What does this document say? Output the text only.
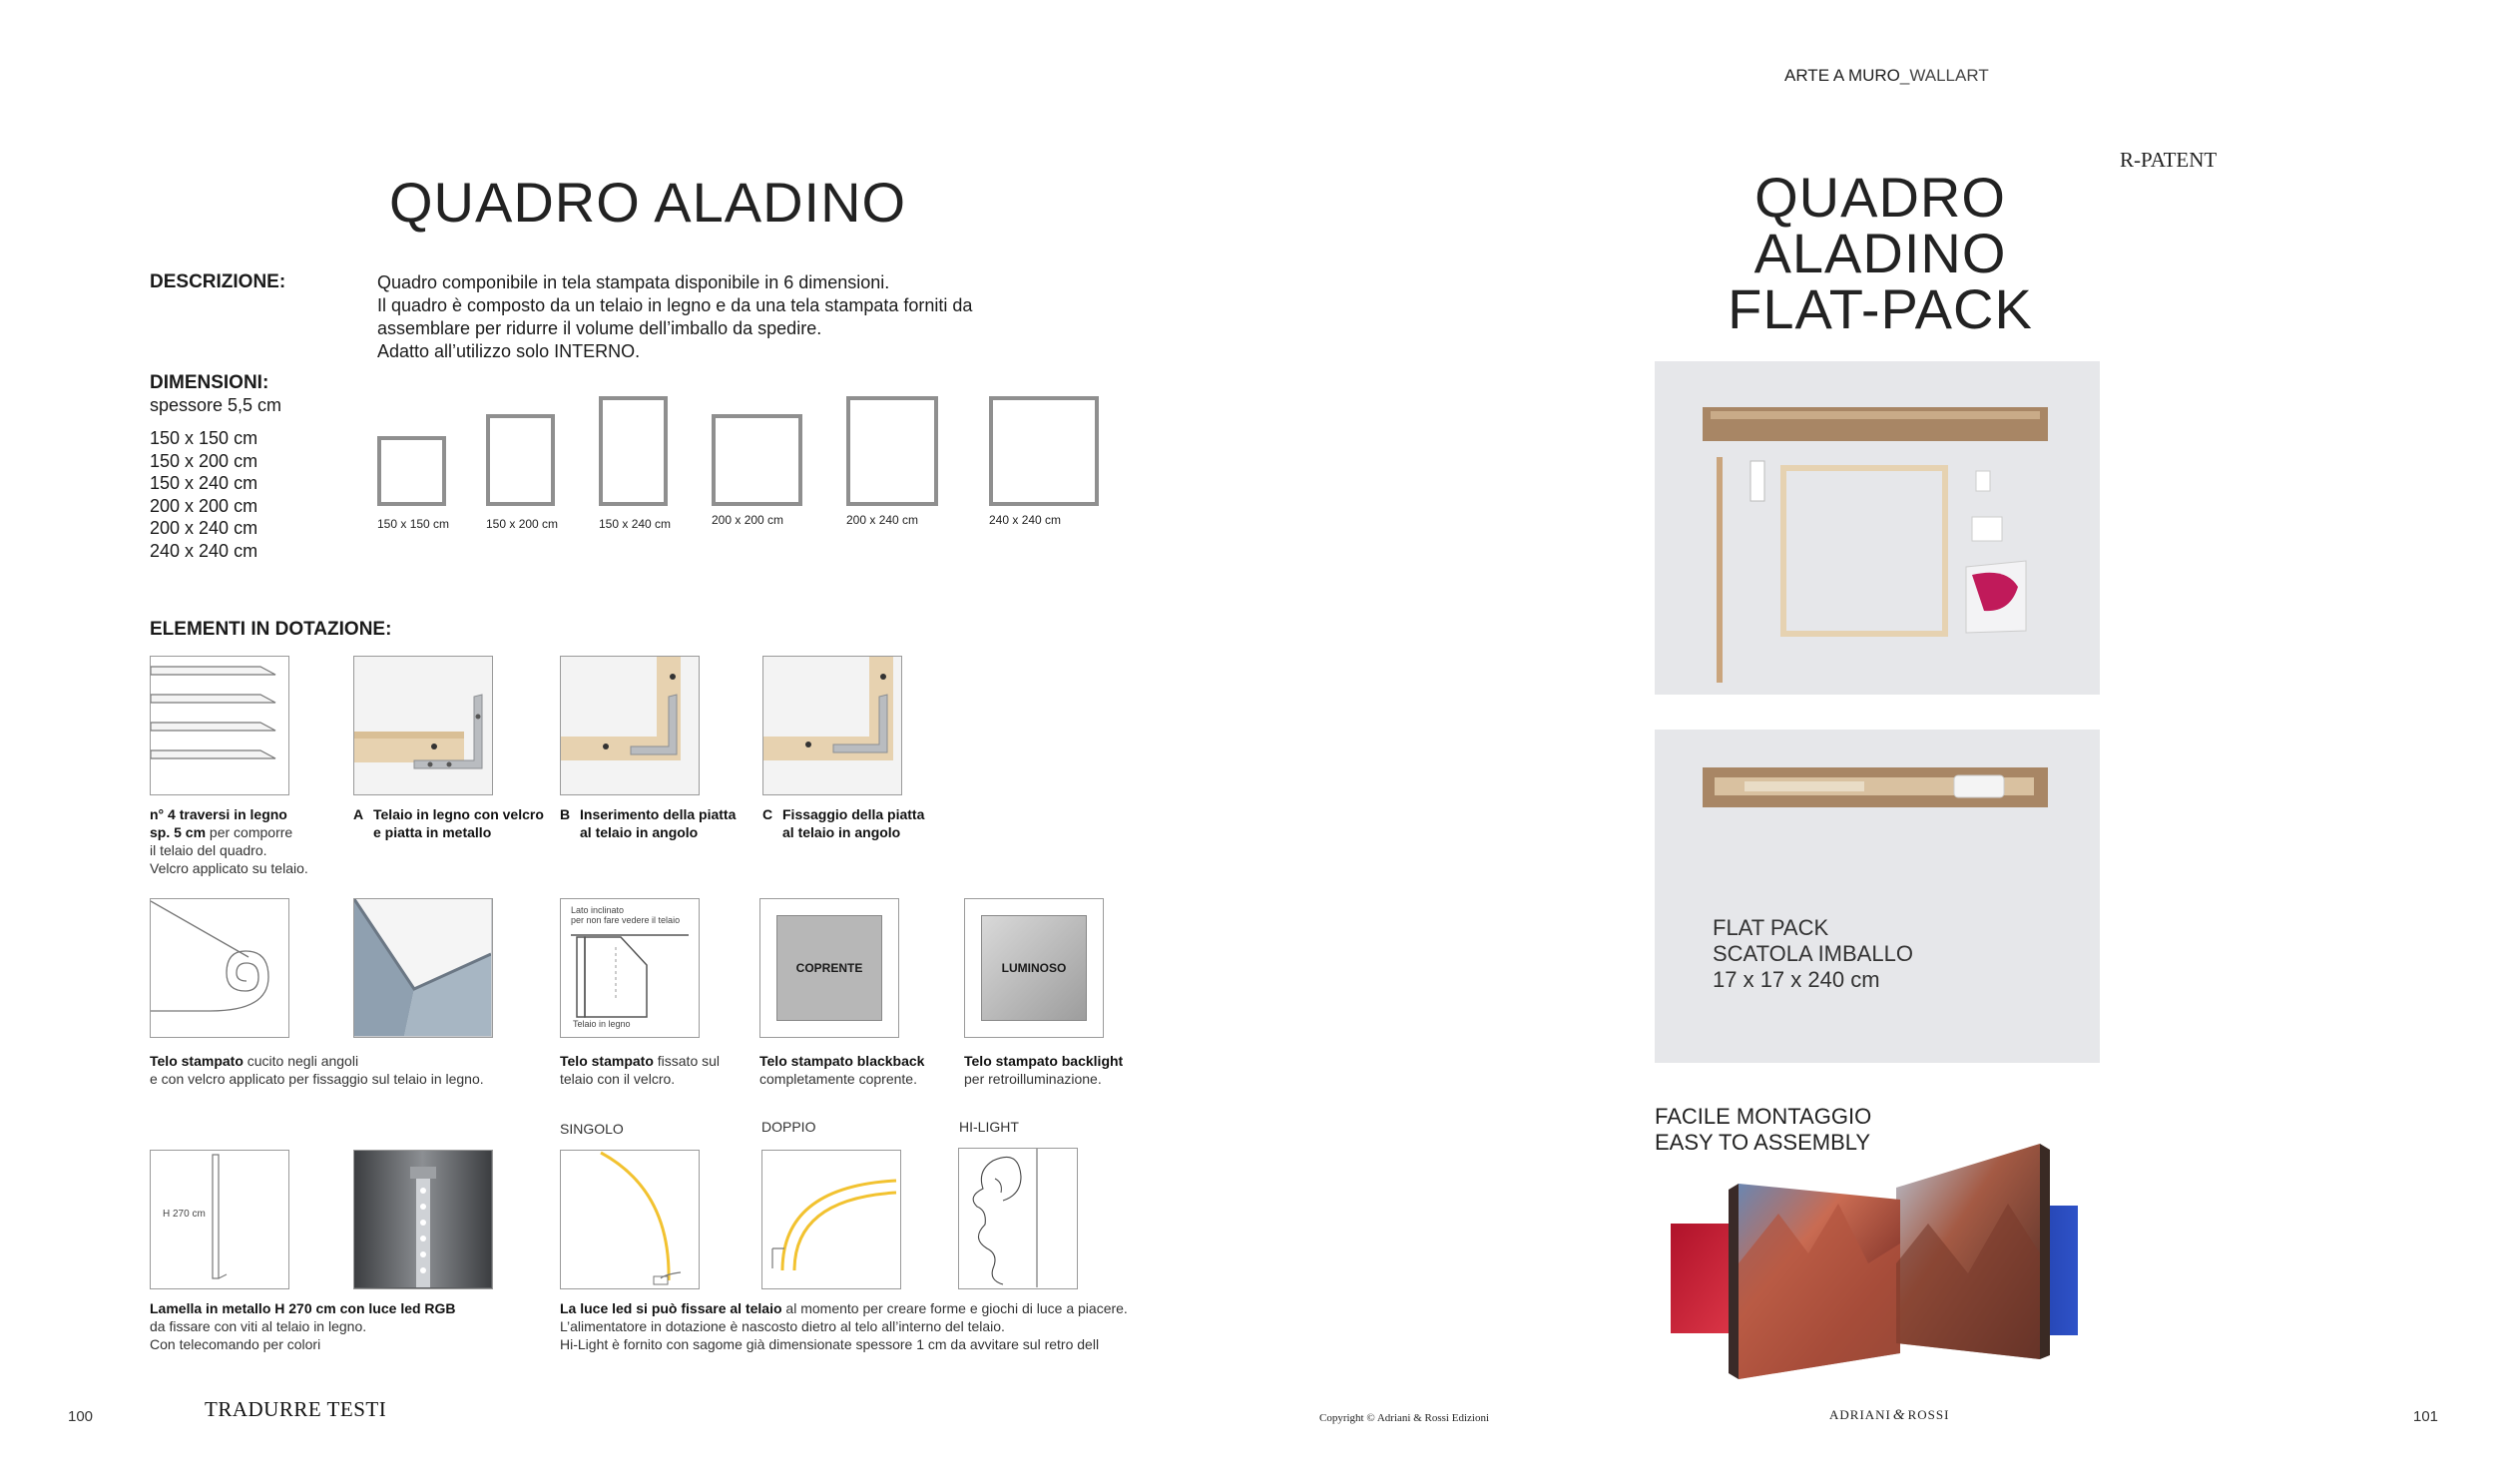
ARTE A MURO_WALLART
QUADRO ALADINO
DESCRIZIONE:	Quadro componibile in tela stampata disponibile in 6 dimensioni.
Il quadro è composto da un telaio in legno e da una tela stampata forniti da
assemblare per ridurre il volume dell’imballo da spedire.
Adatto all’utilizzo solo INTERNO.
DIMENSIONI:
spessore 5,5 cm
150 x 150 cm
150 x 200 cm
150 x 240 cm
200 x 200 cm
200 x 240 cm
240 x 240 cm
150 x 150 cm	150 x 200 cm	150 x 240 cm	200 x 200 cm	200 x 240 cm	240 x 240 cm
ELEMENTI IN DOTAZIONE:
n° 4 traversi in legno
sp. 5 cm per comporre
il telaio del quadro.
Velcro applicato su telaio.
A Telaio in legno con velcro
e piatta in metallo
B Inserimento della piatta
al telaio in angolo
C Fissaggio della piatta
al telaio in angolo
Lato inclinato
per non fare vedere il telaio
Telaio in legno
COPRENTE	LUMINOSO
Telo stampato cucito negli angoli
e con velcro applicato per fissaggio sul telaio in legno.
Telo stampato fissato sul
telaio con il velcro.
Telo stampato blackback
completamente coprente.
Telo stampato backlight
per retroilluminazione.
SINGOLO	DOPPIO	HI-LIGHT
H 270 cm
Lamella in metallo H 270 cm con luce led RGB
da fissare con viti al telaio in legno.
Con telecomando per colori
La luce led si può fissare al telaio al momento per creare forme e giochi di luce a piacere.
L’alimentatore in dotazione è nascosto dietro al telo all’interno del telaio.
Hi-Light è fornito con sagome già dimensionate spessore 1 cm da avvitare sul retro dell
R-PATENT
QUADRO ALADINO
FLAT-PACK
FLAT PACK
SCATOLA IMBALLO
17 x 17 x 240 cm
FACILE MONTAGGIO
EASY TO ASSEMBLY
100	TRADURRE TESTI	Copyright © Adriani & Rossi Edizioni	ADRIANI & ROSSI	101
